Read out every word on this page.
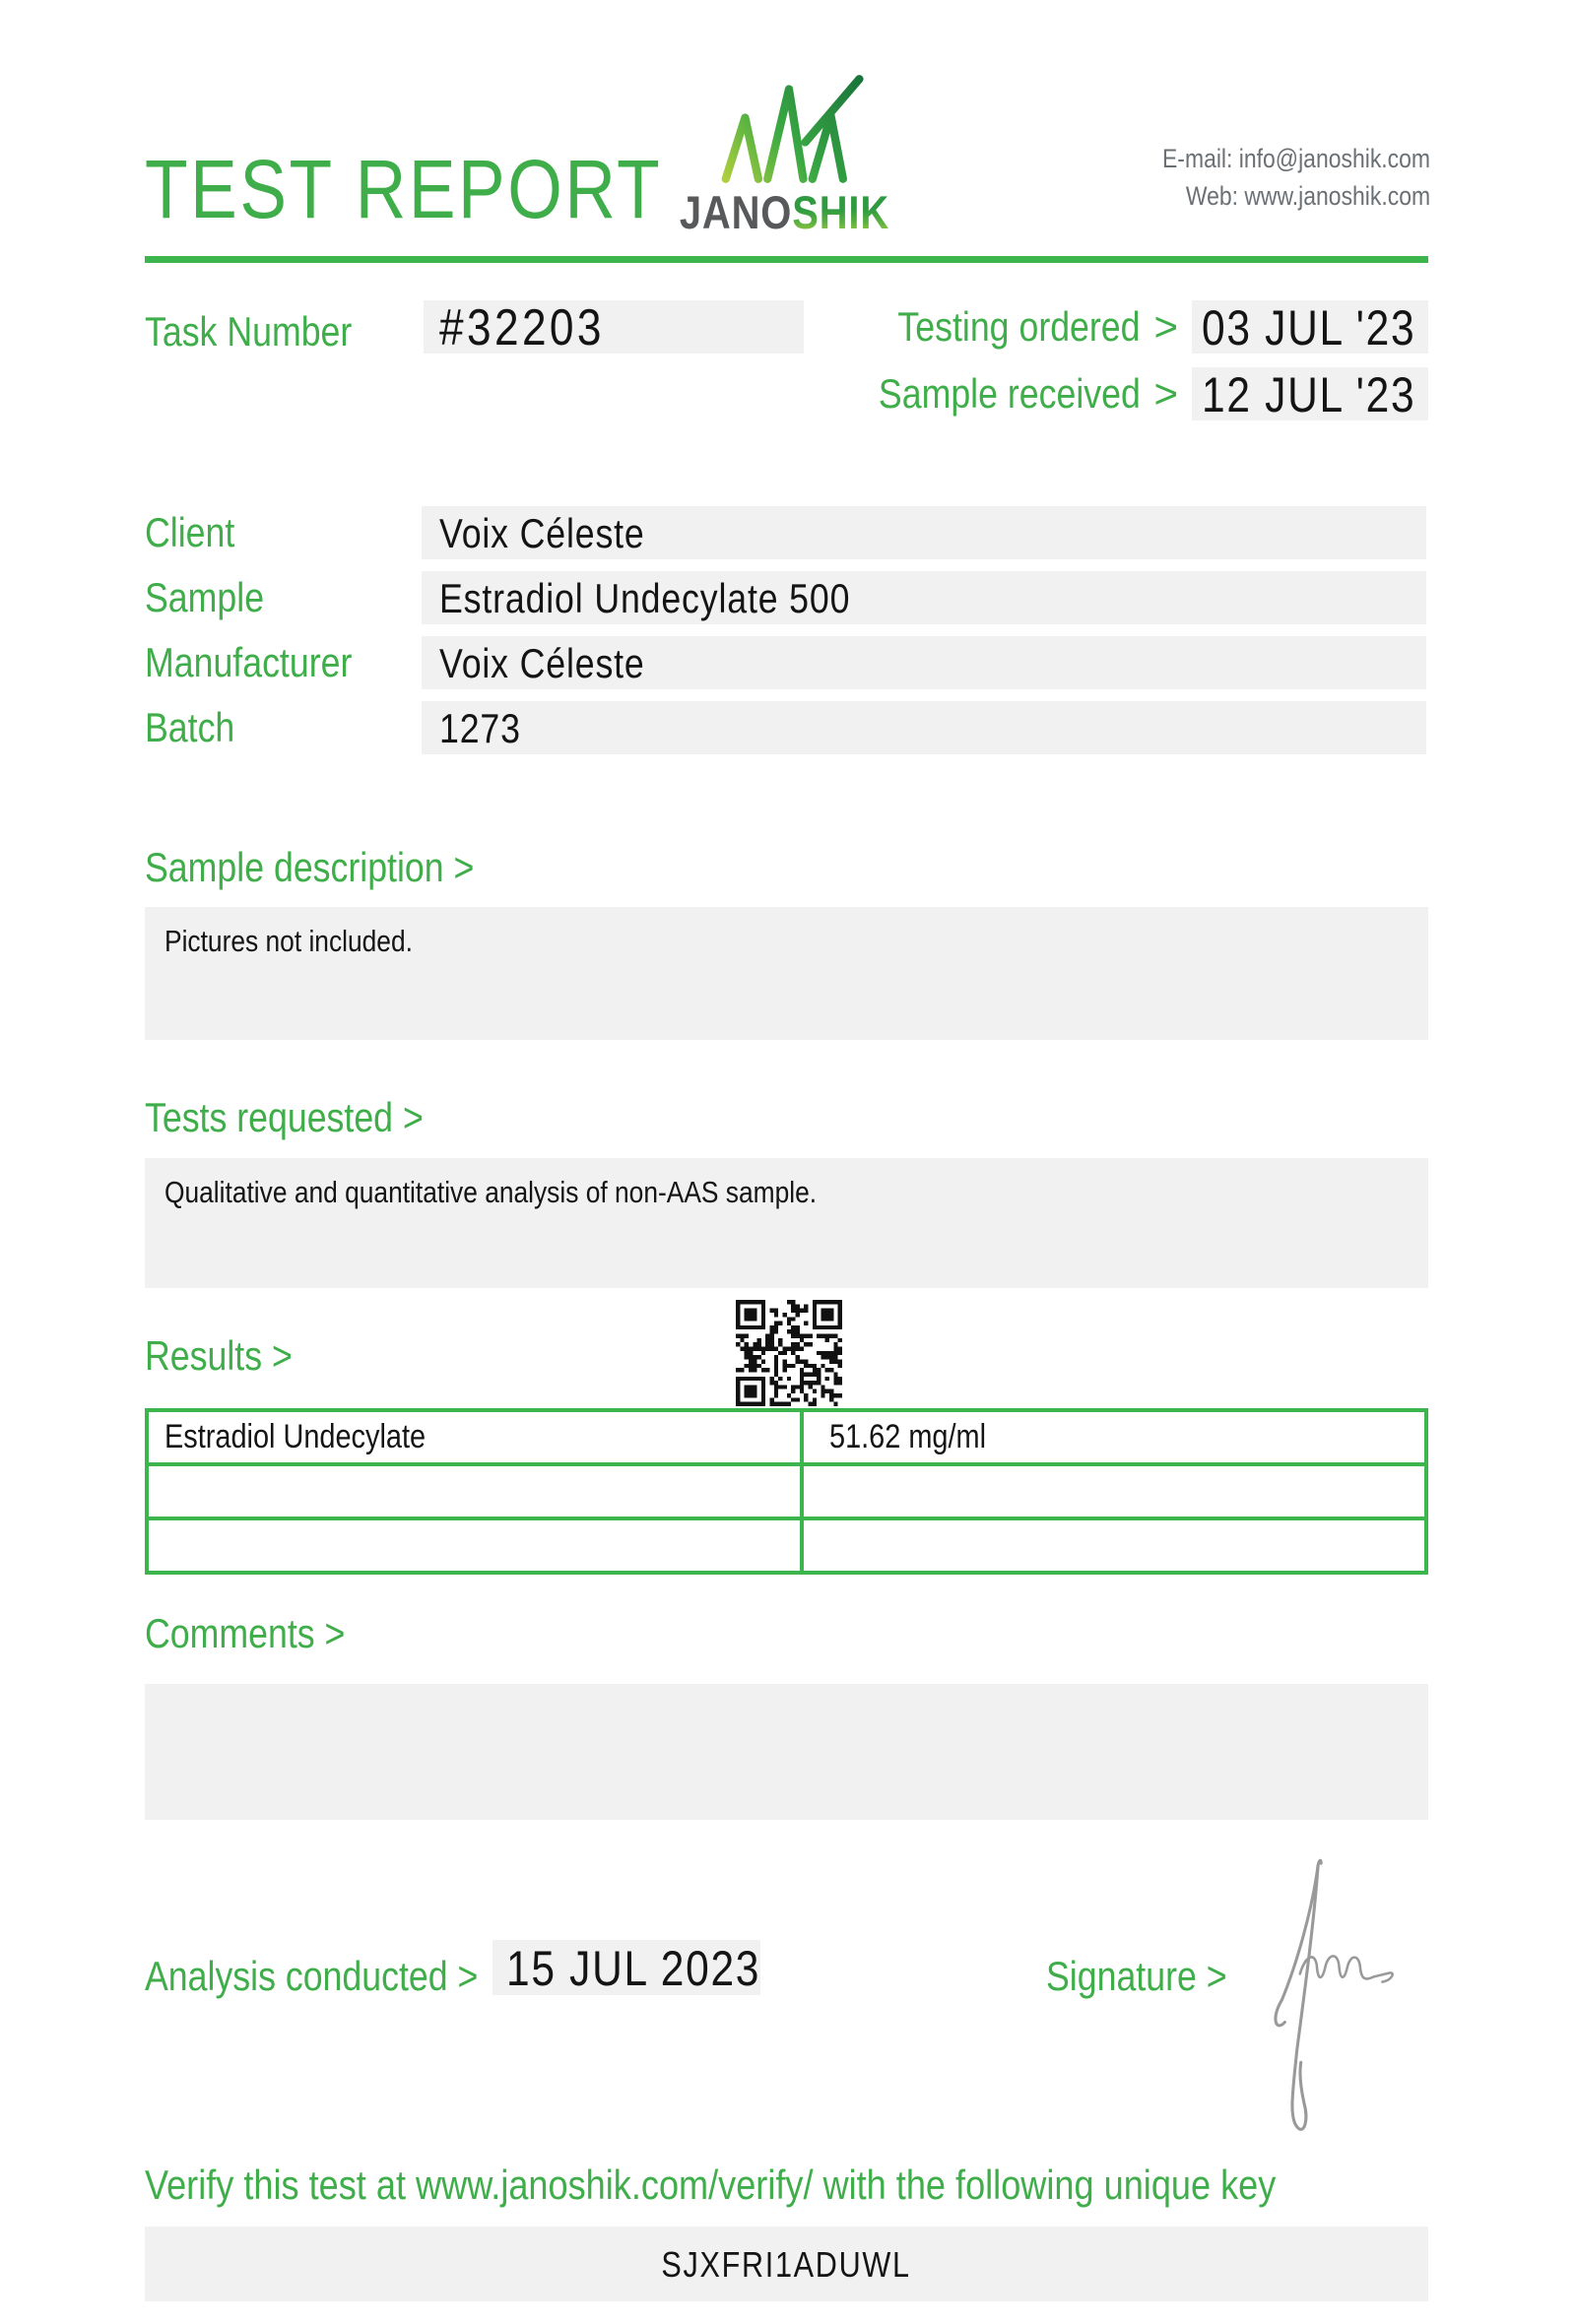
TEST REPORT JANOSHIK
E-mail: info@janoshik.com
Web: www.janoshik.com
Task Number	#32203	Testing ordered > 03 JUL '23
Sample received > 12 JUL '23
Client	Voix Céleste
Sample	Estradiol Undecylate 500
Manufacturer	Voix Céleste
Batch	1273
Sample description >
Pictures not included.
Tests requested >
Qualitative and quantitative analysis of non-AAS sample.
Results >
Estradiol Undecylate	51.62 mg/ml
Comments >
Analysis conducted > 15 JUL 2023	Signature >
Verify this test at www.janoshik.com/verify/ with the following unique key
SJXFRI1ADUWL
